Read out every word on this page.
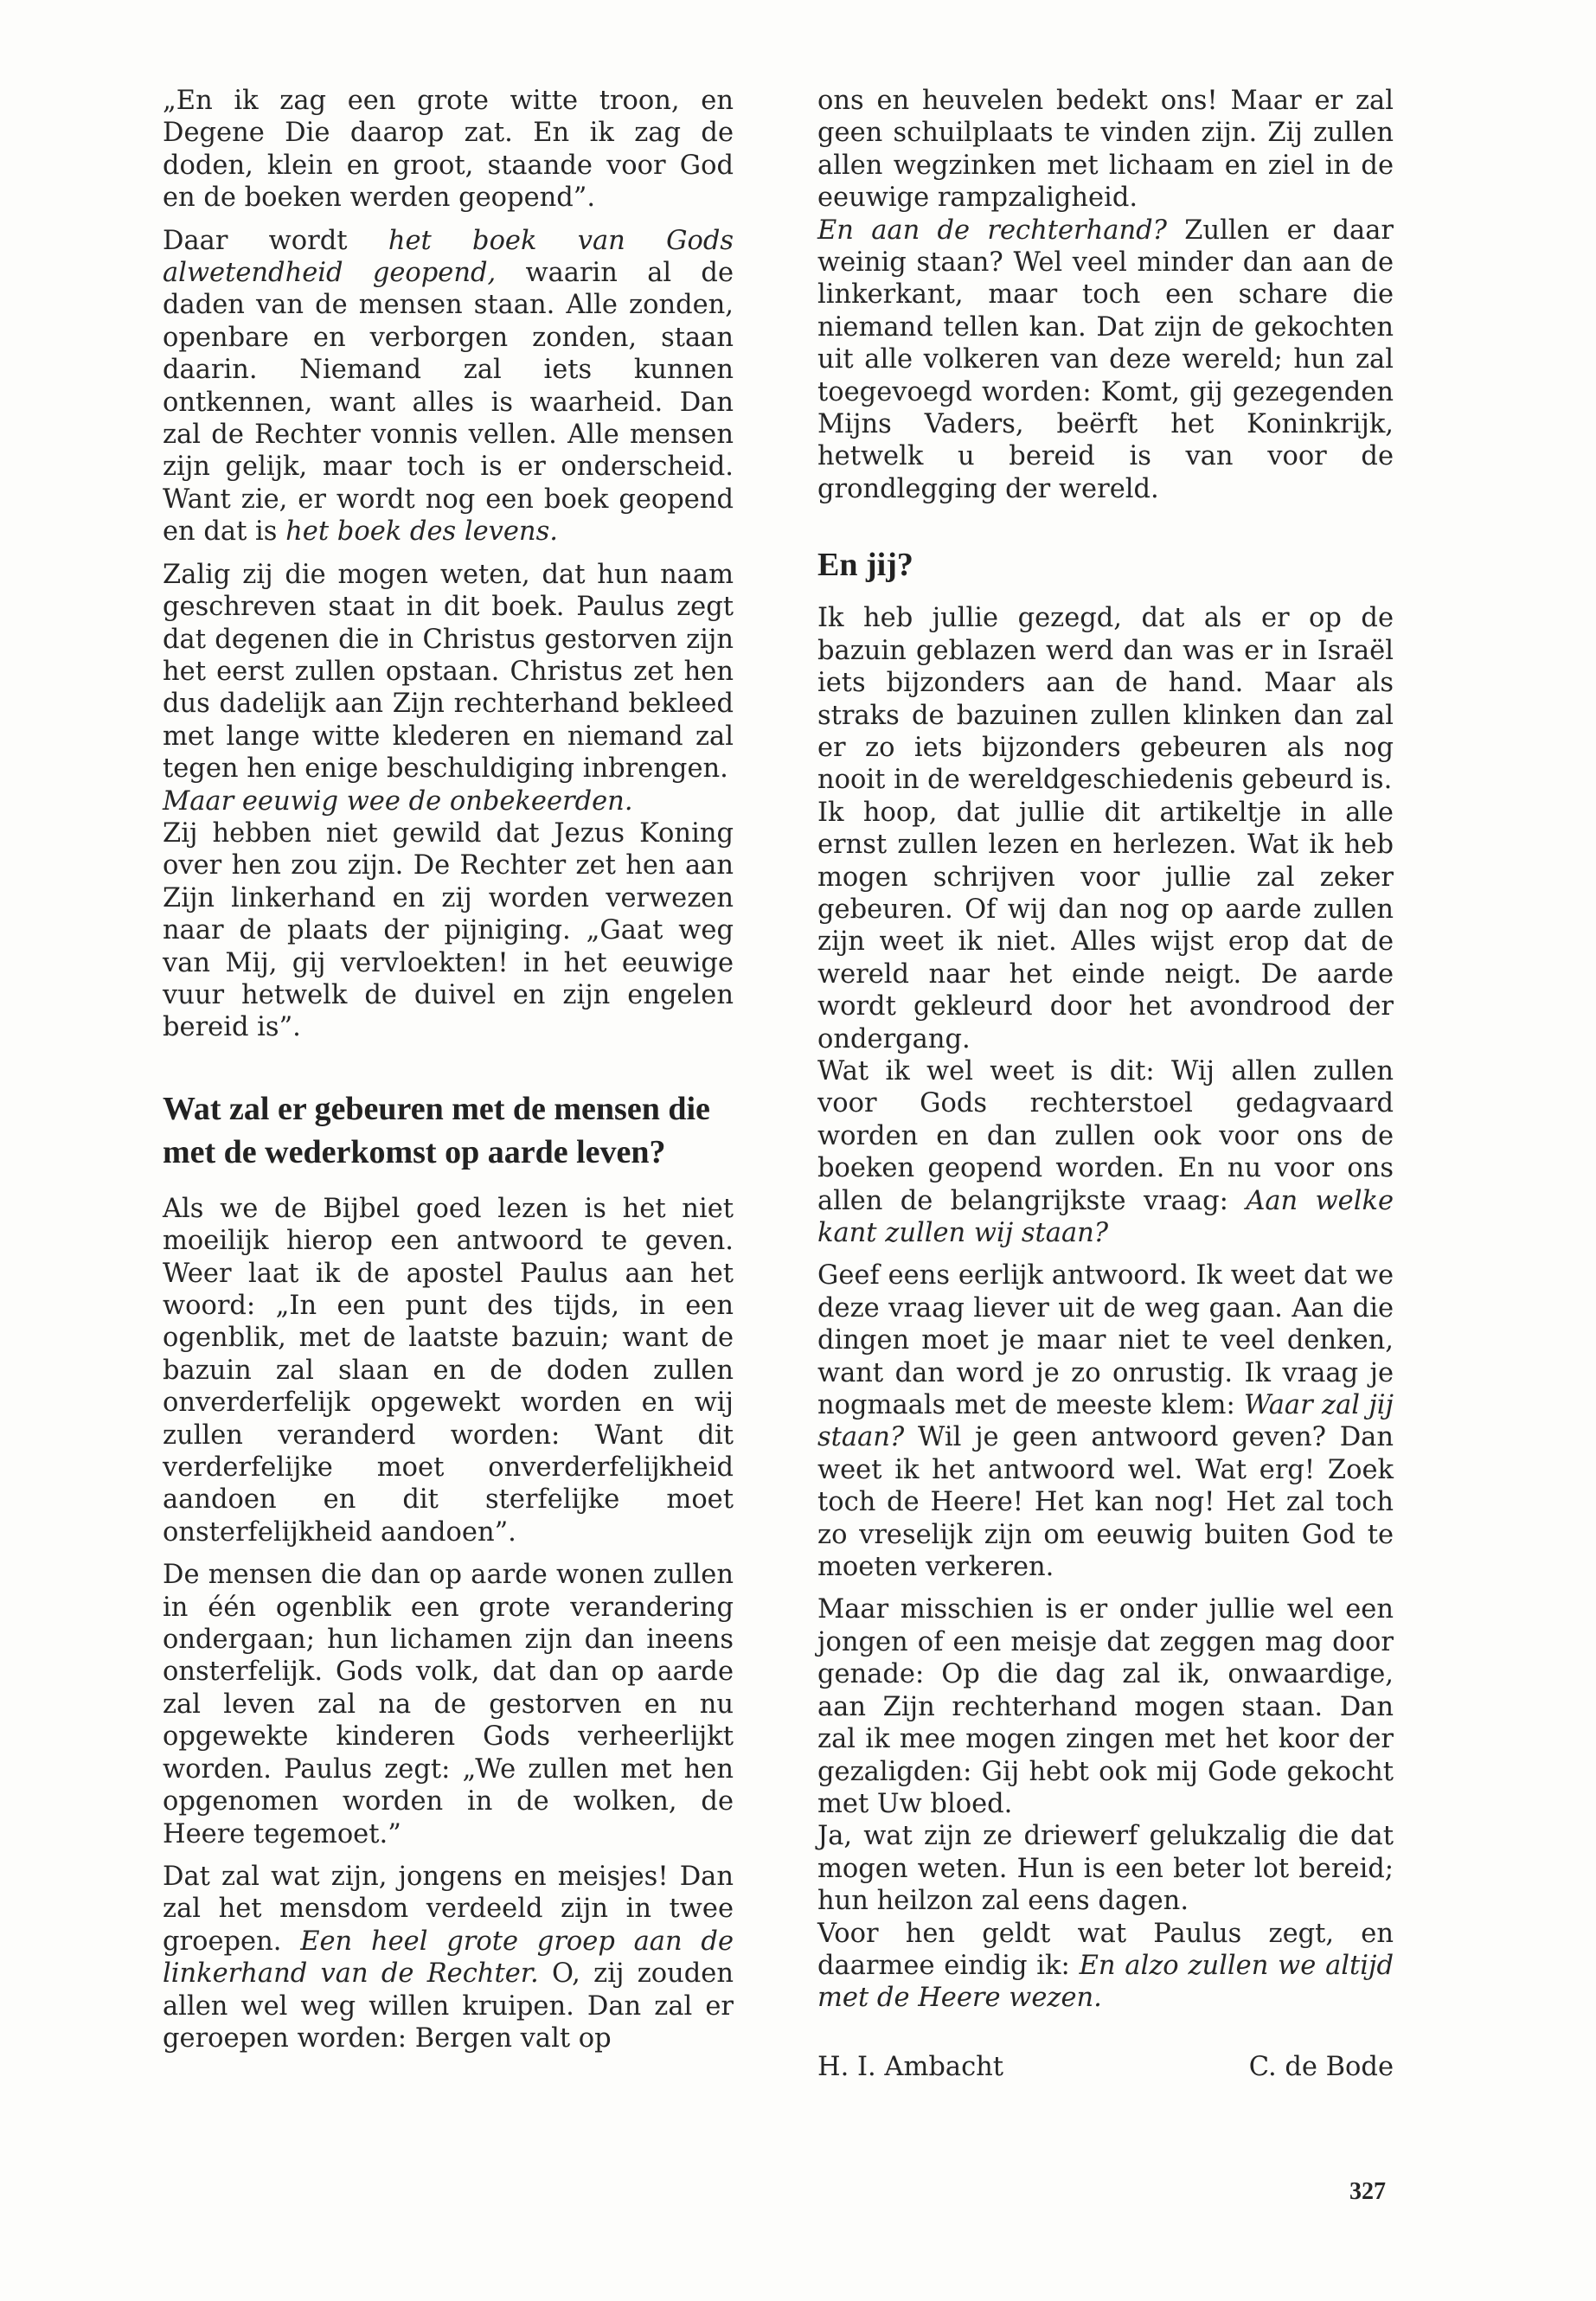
„En ik zag een grote witte troon, en Degene Die daarop zat. En ik zag de doden, klein en groot, staande voor God en de boeken werden geopend”.

Daar wordt het boek van Gods alwetendheid geopend, waarin al de daden van de mensen staan. Alle zonden, openbare en verborgen zonden, staan daarin. Niemand zal iets kunnen ontkennen, want alles is waarheid. Dan zal de Rechter vonnis vellen. Alle mensen zijn gelijk, maar toch is er onderscheid. Want zie, er wordt nog een boek geopend en dat is het boek des levens.

Zalig zij die mogen weten, dat hun naam geschreven staat in dit boek. Paulus zegt dat degenen die in Christus gestorven zijn het eerst zullen opstaan. Christus zet hen dus dadelijk aan Zijn rechterhand bekleed met lange witte klederen en niemand zal tegen hen enige beschuldiging inbrengen.

Maar eeuwig wee de onbekeerden.

Zij hebben niet gewild dat Jezus Koning over hen zou zijn. De Rechter zet hen aan Zijn linkerhand en zij worden verwezen naar de plaats der pijniging. „Gaat weg van Mij, gij vervloekten! in het eeuwige vuur hetwelk de duivel en zijn engelen bereid is”.

Wat zal er gebeuren met de mensen die met de wederkomst op aarde leven?

Als we de Bijbel goed lezen is het niet moeilijk hierop een antwoord te geven. Weer laat ik de apostel Paulus aan het woord: „In een punt des tijds, in een ogenblik, met de laatste bazuin; want de bazuin zal slaan en de doden zullen onverderfelijk opgewekt worden en wij zullen veranderd worden: Want dit verderfelijke moet onverderfelijkheid aandoen en dit sterfelijke moet onsterfelijkheid aandoen”.

De mensen die dan op aarde wonen zullen in één ogenblik een grote verandering ondergaan; hun lichamen zijn dan ineens onsterfelijk. Gods volk, dat dan op aarde zal leven zal na de gestorven en nu opgewekte kinderen Gods verheerlijkt worden. Paulus zegt: „We zullen met hen opgenomen worden in de wolken, de Heere tegemoet.”

Dat zal wat zijn, jongens en meisjes! Dan zal het mensdom verdeeld zijn in twee groepen. Een heel grote groep aan de linkerhand van de Rechter. O, zij zouden allen wel weg willen kruipen. Dan zal er geroepen worden: Bergen valt op

ons en heuvelen bedekt ons! Maar er zal geen schuilplaats te vinden zijn. Zij zullen allen wegzinken met lichaam en ziel in de eeuwige rampzaligheid.

En aan de rechterhand? Zullen er daar weinig staan? Wel veel minder dan aan de linkerkant, maar toch een schare die niemand tellen kan. Dat zijn de gekochten uit alle volkeren van deze wereld; hun zal toegevoegd worden: Komt, gij gezegenden Mijns Vaders, beërft het Koninkrijk, hetwelk u bereid is van voor de grondlegging der wereld.

En jij?

Ik heb jullie gezegd, dat als er op de bazuin geblazen werd dan was er in Israël iets bijzonders aan de hand. Maar als straks de bazuinen zullen klinken dan zal er zo iets bijzonders gebeuren als nog nooit in de wereldgeschiedenis gebeurd is.

Ik hoop, dat jullie dit artikeltje in alle ernst zullen lezen en herlezen. Wat ik heb mogen schrijven voor jullie zal zeker gebeuren. Of wij dan nog op aarde zullen zijn weet ik niet. Alles wijst erop dat de wereld naar het einde neigt. De aarde wordt gekleurd door het avondrood der ondergang.

Wat ik wel weet is dit: Wij allen zullen voor Gods rechterstoel gedagvaard worden en dan zullen ook voor ons de boeken geopend worden. En nu voor ons allen de belangrijkste vraag: Aan welke kant zullen wij staan?

Geef eens eerlijk antwoord. Ik weet dat we deze vraag liever uit de weg gaan. Aan die dingen moet je maar niet te veel denken, want dan word je zo onrustig. Ik vraag je nogmaals met de meeste klem: Waar zal jij staan? Wil je geen antwoord geven? Dan weet ik het antwoord wel. Wat erg! Zoek toch de Heere! Het kan nog! Het zal toch zo vreselijk zijn om eeuwig buiten God te moeten verkeren.

Maar misschien is er onder jullie wel een jongen of een meisje dat zeggen mag door genade: Op die dag zal ik, onwaardige, aan Zijn rechterhand mogen staan. Dan zal ik mee mogen zingen met het koor der gezaligden: Gij hebt ook mij Gode gekocht met Uw bloed.

Ja, wat zijn ze driewerf gelukzalig die dat mogen weten. Hun is een beter lot bereid; hun heilzon zal eens dagen.

Voor hen geldt wat Paulus zegt, en daarmee eindig ik: En alzo zullen we altijd met de Heere wezen.

H. I. Ambacht	C. de Bode
327
